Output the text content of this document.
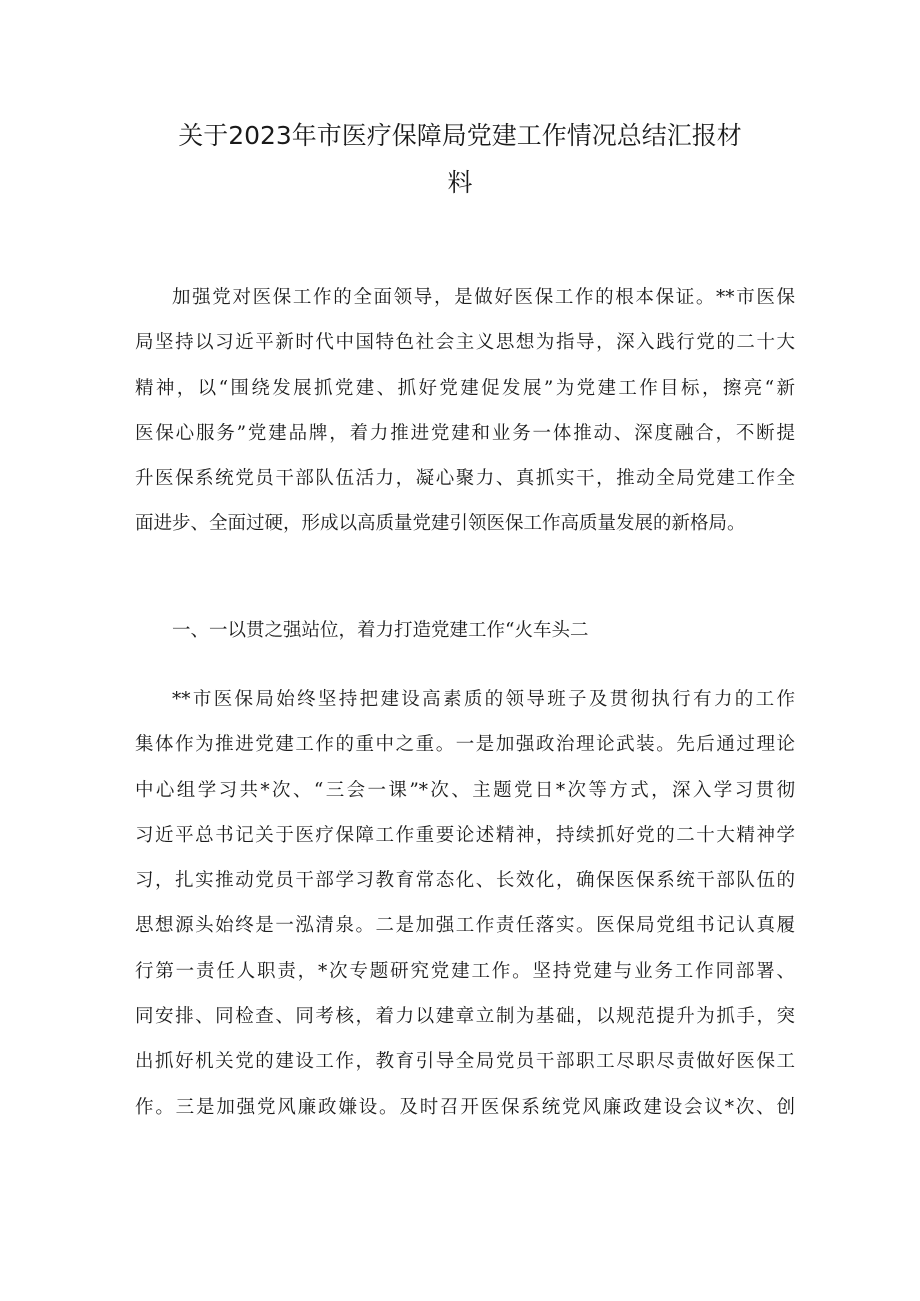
关于2023年市医疗保障局党建工作情况总结汇报材
料
加强党对医保工作的全面领导，是做好医保工作的根本保证。**市医保
局坚持以习近平新时代中国特色社会主义思想为指导，深入践行党的二十大
精神，以“围绕发展抓党建、抓好党建促发展”为党建工作目标，擦亮“新
医保心服务”党建品牌，着力推进党建和业务一体推动、深度融合，不断提
升医保系统党员干部队伍活力，凝心聚力、真抓实干，推动全局党建工作全
面进步、全面过硬，形成以高质量党建引领医保工作高质量发展的新格局。
一、一以贯之强站位，着力打造党建工作“火车头二
**市医保局始终坚持把建设高素质的领导班子及贯彻执行有力的工作
集体作为推进党建工作的重中之重。一是加强政治理论武装。先后通过理论
中心组学习共*次、“三会一课”*次、主题党日*次等方式，深入学习贯彻
习近平总书记关于医疗保障工作重要论述精神，持续抓好党的二十大精神学
习，扎实推动党员干部学习教育常态化、长效化，确保医保系统干部队伍的
思想源头始终是一泓清泉。二是加强工作责任落实。医保局党组书记认真履
行第一责任人职责，*次专题研究党建工作。坚持党建与业务工作同部署、
同安排、同检查、同考核，着力以建章立制为基础，以规范提升为抓手，突
出抓好机关党的建设工作，教育引导全局党员干部职工尽职尽责做好医保工
作。三是加强党风廉政嫌设。及时召开医保系统党风廉政建设会议*次、创
